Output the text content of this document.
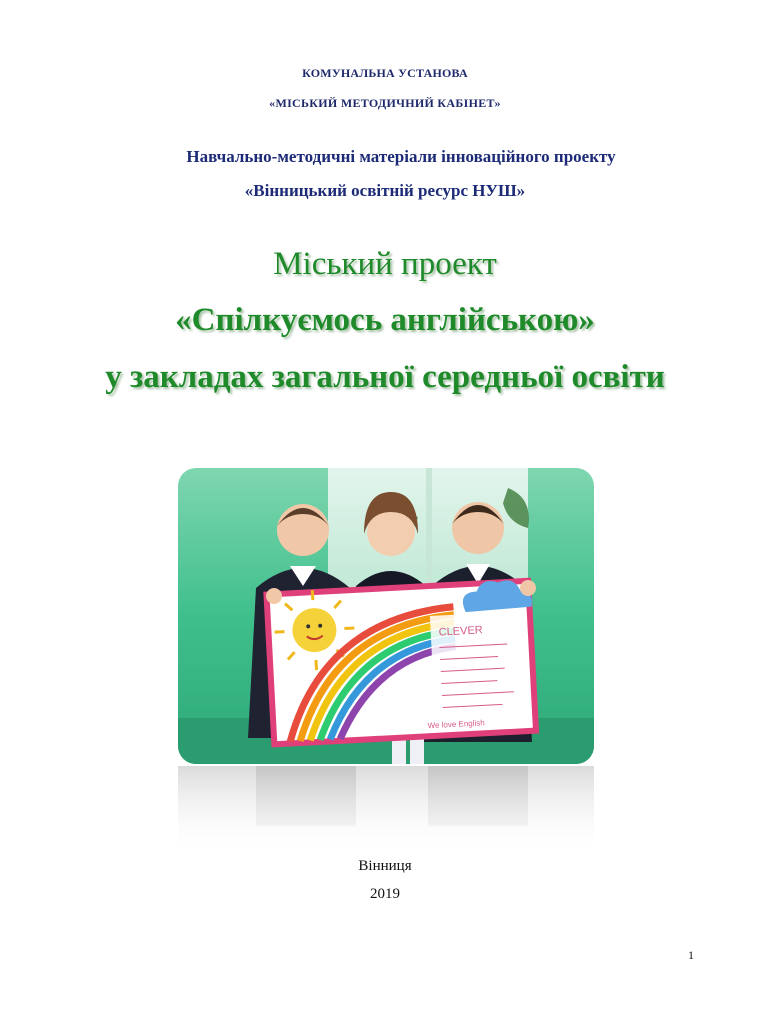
КОМУНАЛЬНА УСТАНОВА
«МІСЬКИЙ МЕТОДИЧНИЙ КАБІНЕТ»
Навчально-методичні матеріали інноваційного проекту
«Вінницький освітній ресурс НУШ»
Міський проект
«Спілкуємось англійською»
у закладах загальної середньої освіти
CLEVER
We love English
Вінниця
2019
1
